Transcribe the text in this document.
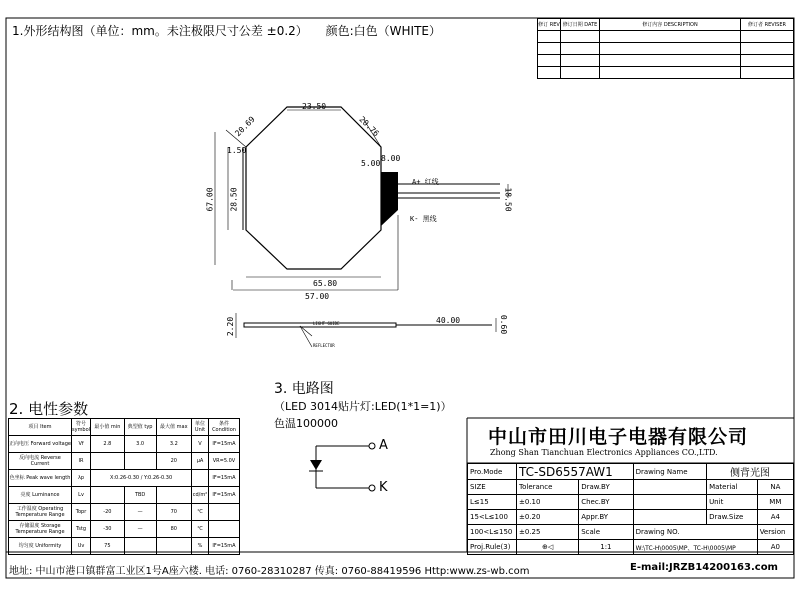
1.外形结构图（单位：mm。未注极限尺寸公差 ±0.2） 颜色:白色（WHITE）	修订 REV	修订日期 DATE	修订内容 DESCRIPTION	修订者 REVISER

23.50
20.69	20.76
1.50
67.00 28.50
5.00
8.00
18.50
65.80
57.00
2.20	40.00	0.60
A+ 红线
K- 黑线
LIGHT GUIDE
REFLECTOR
2. 电性参数
项目 Item	符号 symbol	最小值 min	典型值 typ	最大值 max	单位 Unit	条件 Condition
正向电压 Forward voltage	Vf	2.8	3.0	3.2	V	IF=15mA
反向电流 Reverse Current	IR			20	μA	VR=5.0V
色坐标 Peak wave length	λp	X:0.26-0.30 / Y:0.26-0.30				IF=15mA
亮度 Luminance	Lv		TBD		cd/m²	IF=15mA
工作温度 Operating Temperature Range	Topr	-20	—	70	℃	
存储温度 Storage Temperature Range	Tstg	-30	—	80	℃	
均匀度 Uniformity	Uv	75			%	IF=15mA
3. 电路图
（LED 3014贴片灯:LED(1*1=1)）
色温100000
A
K
中山市田川电子电器有限公司
Zhong Shan Tianchuan Electronics Appliances CO.,LTD.
Pro.Mode	TC-SD6557AW1		Drawing Name	侧背光图	
SIZE	Tolerance	Draw.BY		Material	NA
L≤15	±0.10	Chec.BY		Unit	MM
15<L≤100	±0.20	Appr.BY		Draw.Size	A4
100<L≤150	±0.25	Scale	Drawing NO.		Version
Proj.Rule(3)	⊕◁	1:1	W:\TC-H\0005\MP、TC-H\0005\MP		A0
地址: 中山市港口镇群富工业区1号A座六楼. 电话: 0760-28310287 传真: 0760-88419596 Http:www.zs-wb.com	E-mail:JRZB14200163.com
